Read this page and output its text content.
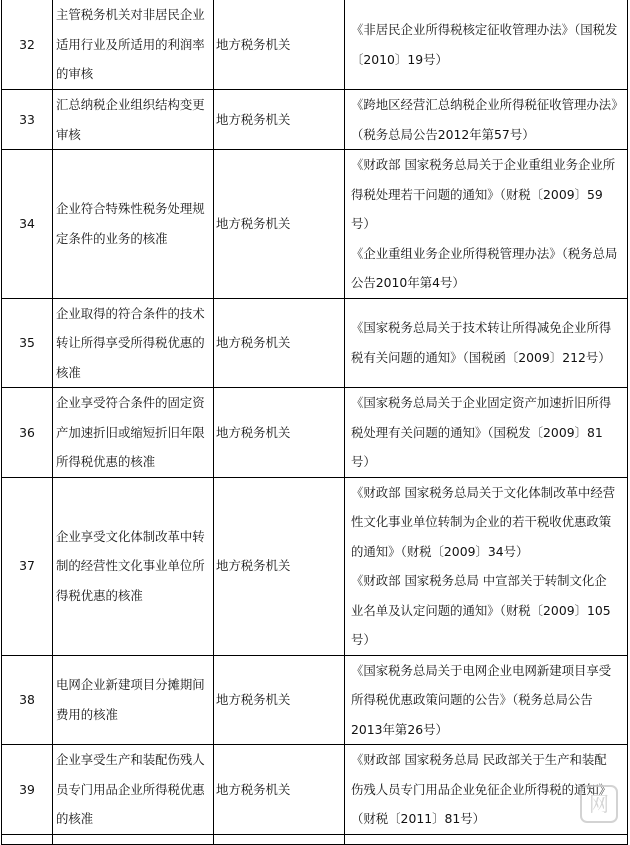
32	主管税务机关对非居民企业适用行业及所适用的利润率的审核	地方税务机关	《非居民企业所得税核定征收管理办法》（国税发〔2010〕19号）

33	汇总纳税企业组织结构变更审核	地方税务机关	《跨地区经营汇总纳税企业所得税征收管理办法》（税务总局公告2012年第57号）

34	企业符合特殊性税务处理规定条件的业务的核准	地方税务机关	《财政部 国家税务总局关于企业重组业务企业所得税处理若干问题的通知》（财税〔2009〕59号）
《企业重组业务企业所得税管理办法》（税务总局公告2010年第4号）

35	企业取得的符合条件的技术转让所得享受所得税优惠的核准	地方税务机关	《国家税务总局关于技术转让所得减免企业所得税有关问题的通知》（国税函〔2009〕212号）

36	企业享受符合条件的固定资产加速折旧或缩短折旧年限所得税优惠的核准	地方税务机关	《国家税务总局关于企业固定资产加速折旧所得税处理有关问题的通知》（国税发〔2009〕81号）

37	企业享受文化体制改革中转制的经营性文化事业单位所得税优惠的核准	地方税务机关	《财政部 国家税务总局关于文化体制改革中经营性文化事业单位转制为企业的若干税收优惠政策的通知》（财税〔2009〕34号）
《财政部 国家税务总局 中宣部关于转制文化企业名单及认定问题的通知》（财税〔2009〕105号）

38	电网企业新建项目分摊期间费用的核准	地方税务机关	《国家税务总局关于电网企业电网新建项目享受所得税优惠政策问题的公告》（税务总局公告2013年第26号）

39	企业享受生产和装配伤残人员专门用品企业所得税优惠的核准	地方税务机关	《财政部 国家税务总局 民政部关于生产和装配伤残人员专门用品企业免征企业所得税的通知》（财税〔2011〕81号）

网
